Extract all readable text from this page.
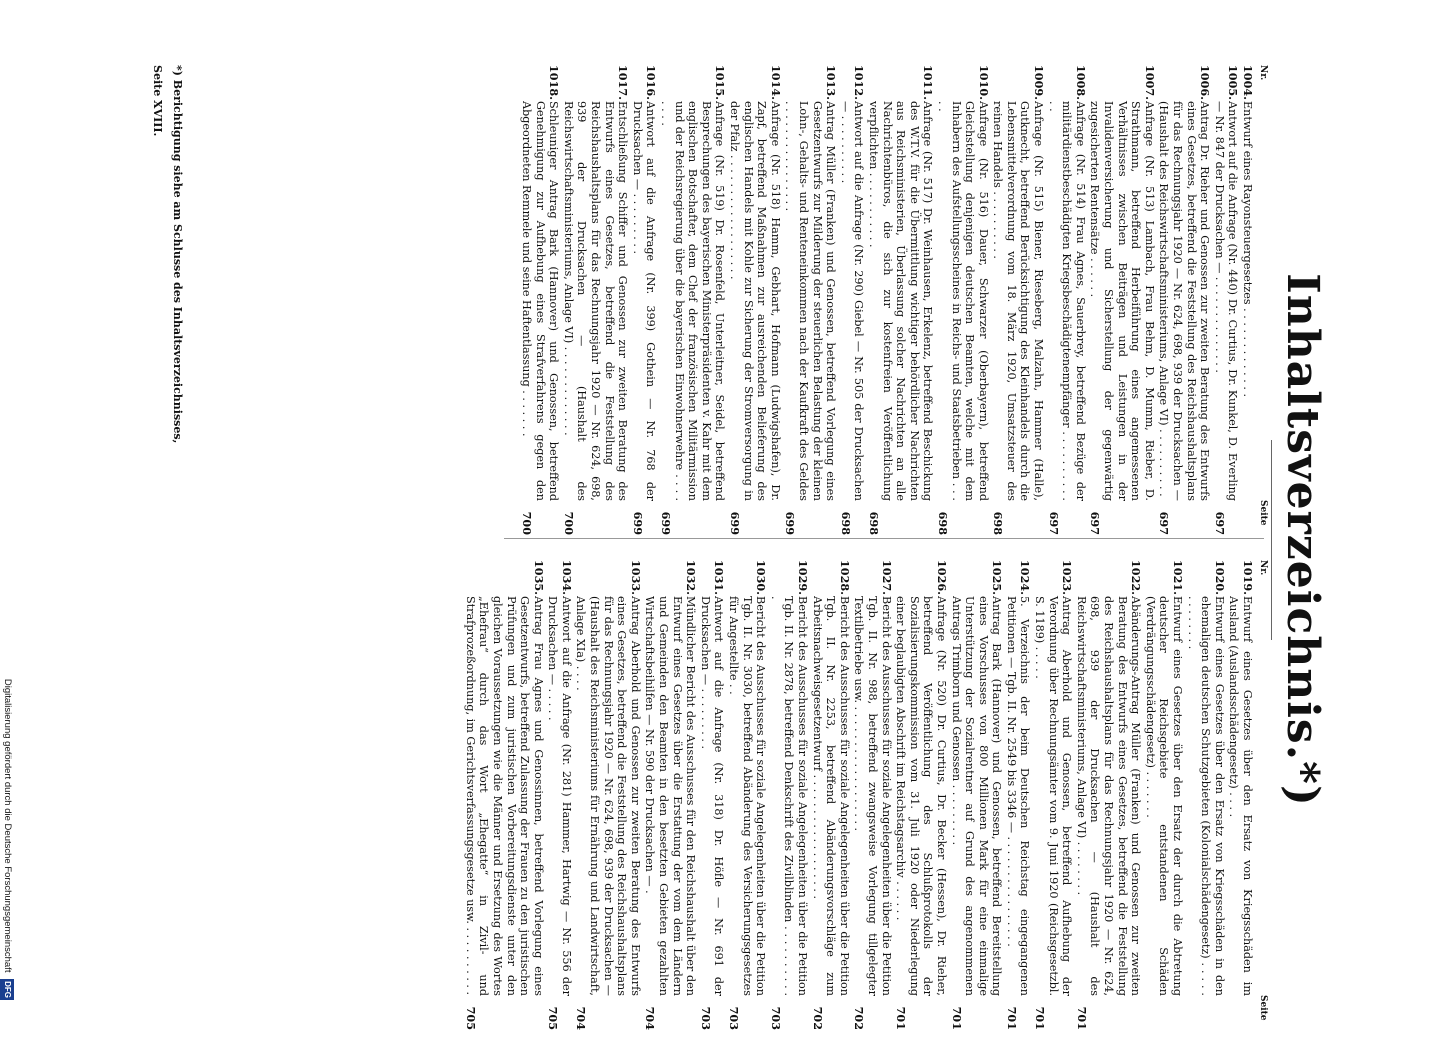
Inhaltsverzeichnis.*)
Nr.
Seite
Nr.
Seite
1004.
Entwurf eines Rayonsteuergesetzes . . . . . . . . . . . . .
1005.
Antwort auf die Anfrage (Nr. 440) Dr. Curtius, Dr. Kunkel, D. Everling — Nr. 847 der Drucksachen — . . . . . . . . . . . . . .
697
1006.
Antrag Dr. Rieher und Genossen zur zweiten Beratung des Entwurfs eines Gesetzes, betreffend die Feststellung des Reichshaushaltsplans für das Rechnungsjahr 1920 — Nr. 624, 698, 939 der Drucksachen — (Haushalt des Reichswirtschaftsministeriums, Anlage VI) . . . . . . . . . .
697
1007.
Anfrage (Nr. 513) Lambach, Frau Behm, D. Mumm, Rieber, D. Strathmann, betreffend Herbeiführung eines angemessenen Verhältnisses zwischen Beiträgen und Leistungen in der Invalidenversicherung und Sicherstellung der gegenwärtig zugesicherten Rentensätze . . . . . .
697
1008.
Anfrage (Nr. 514) Frau Agnes, Sauerbrey, betreffend Bezüge der militärdienstbeschädigten Kriegsbeschädigtenempfänger . . . . . . . . . . . .
697
1009.
Anfrage (Nr. 515) Biener, Rieseberg, Malzahn, Hammer (Halle), Gutknecht, betreffend Berücksichtigung des Kleinhandels durch die Lebensmittelverordnung vom 18. März 1920, Umsatzsteuer des reinen Handels . . . . . . . . . .
698
1010.
Anfrage (Nr. 516) Dauer, Schwarzer (Oberbayern), betreffend Gleichstellung denjenigen deutschen Beamten, welche mit dem Inhabern des Aufstellungsscheines in Reichs- und Staatsbetrieben . . . . .
698
1011.
Anfrage (Nr. 517) Dr. Weinhausen, Erkelenz, betreffend Beschickung des W.T.V. für die Übermittlung wichtiger behördlicher Nachrichten aus Reichsministerien, Überlassung solcher Nachrichten an alle Nachrichtenbüros, die sich zur kostenfreien Veröffentlichung verpflichten . . . . . . . . . . .
698
1012.
Antwort auf die Anfrage (Nr. 290) Giebel — Nr. 505 der Drucksachen — . . . . . . . . . .
698
1013.
Antrag Müller (Franken) und Genossen, betreffend Vorlegung eines Gesetzentwurfs zur Milderung der steuerlichen Belastung der kleinen Lohn-, Gehalts- und Renteneinkommen nach der Kaufkraft des Geldes . . . . . . . . . . . . . . . .
699
1014.
Anfrage (Nr. 518) Hamm, Gebhart, Hofmann (Ludwigshafen), Dr. Zapf, betreffend Maßnahmen zur ausreichenden Belieferung des englischen Handels mit Kohle zur Sicherung der Stromversorgung in der Pfalz . . . . . . . . . . . . . . . . . .
699
1015.
Anfrage (Nr. 519) Dr. Rosenfeld, Unterleitner, Seidel, betreffend Besprechungen des bayerischen Ministerpräsidenten v. Kahr mit dem englischen Botschafter, dem Chef der französischen Militärmission und der Reichsregierung über die bayerischen Einwohnerwehre . . . . . . . .
699
1016.
Antwort auf die Anfrage (Nr. 399) Gothein — Nr. 768 der Drucksachen — . . . . . . . . .
699
1017.
Entschließung Schiffer und Genossen zur zweiten Beratung des Entwurfs eines Gesetzes, betreffend die Feststellung des Reichshaushaltsplans für das Rechnungsjahr 1920 — Nr. 624, 698, 939 der Drucksachen — (Haushalt des Reichswirtschaftsministeriums, Anlage VI) . . . . . . . . . . . . .
700
1018.
Schleuniger Antrag Bark (Hannover) und Genossen, betreffend Genehmigung zur Aufhebung eines Strafverfahrens gegen den Abgeordneten Remmele und seine Haftentlassung . . . . . . .
700
1019.
Entwurf eines Gesetzes über den Ersatz von Kriegsschäden im Ausland (Auslandsschädengesetz) . . . .
1020.
Entwurf eines Gesetzes über den Ersatz von Kriegsschäden in den ehemaligen deutschen Schutzgebieten (Kolonialschädengesetz) . . . . . . . . . . . . .
1021.
Entwurf eines Gesetzes über den Ersatz der durch die Abtretung deutscher Reichsgebiete entstandenen Schäden (Verdrängungsschädengesetz) . . . . . . .
1022.
Abänderungs-Antrag Müller (Franken) und Genossen zur zweiten Beratung des Entwurfs eines Gesetzes, betreffend die Feststellung des Reichshaushaltsplans für das Rechnungsjahr 1920 — Nr. 624, 698, 939 der Drucksachen — (Haushalt des Reichswirtschaftsministeriums, Anlage VI) . . . . . . . .
701
1023.
Antrag Aberhold und Genossen, betreffend Aufhebung der Verordnung über Rechnungsämter vom 9. Juni 1920 (Reichsgesetzbl. S. 1189) . . . . .
701
1024.
5. Verzeichnis der beim Deutschen Reichstag eingegangenen Petitionen — Tgb. II. Nr. 2549 bis 3346 — . . . . . . . . . . . . . . . .
701
1025.
Antrag Bark (Hannover) und Genossen, betreffend Bereitstellung eines Vorschusses von 800 Millionen Mark für eine einmalige Unterstützung der Sozialrentner auf Grund des angenommenen Antrags Trimborn und Genossen . . . . . . . . .
701
1026.
Anfrage (Nr. 520) Dr. Curtius, Dr. Becker (Hessen), Dr. Rieher, betreffend Veröffentlichung des Schlußprotokolls der Sozialisierungskommission vom 31. Juli 1920 oder Niederlegung einer beglaubigten Abschrift im Reichstagsarchiv . . . . . .
701
1027.
Bericht des Ausschusses für soziale Angelegenheiten über die Petition Tgb. II. Nr. 988, betreffend zwangsweise Vorlegung tillgelegter Textilbetriebe usw. . . . . . . . . . . . . . . . . . .
702
1028.
Bericht des Ausschusses für soziale Angelegenheiten über die Petition Tgb. II. Nr. 2253, betreffend Abänderungsvorschläge zum Arbeitsnachweisgesetzentwurf . . . . . . . . . . . . . . . . . .
702
1029.
Bericht des Ausschusses für soziale Angelegenheiten über die Petition Tgb. II. Nr. 2878, betreffend Denkschrift des Zivilblinden . . . . . . . . . . .
703
1030.
Bericht des Ausschusses für soziale Angelegenheiten über die Petition Tgb. II. Nr. 3030, betreffend Abänderung des Versicherungsgesetzes für Angestellte . .
703
1031.
Antwort auf die Anfrage (Nr. 318) Dr. Höfle — Nr. 691 der Drucksachen — . . . . . . . . .
703
1032.
Mündlicher Bericht des Ausschusses für den Reichshaushalt über den Entwurf eines Gesetzes über die Erstattung der vom dem Ländern und Gemeinden den Beamten in den besetzten Gebieten gezahlten Wirtschaftsbeihilfen — Nr. 590 der Drucksachen — .
704
1033.
Antrag Aberhold und Genossen zur zweiten Beratung des Entwurfs eines Gesetzes, betreffend die Feststellung des Reichshaushaltsplans für das Rechnungsjahr 1920 — Nr. 624, 698, 939 der Drucksachen — (Haushalt des Reichsministeriums für Ernährung und Landwirtschaft, Anlage XIa) . . . .
704
1034.
Antwort auf die Anfrage (Nr. 281) Hammer, Hartwig — Nr. 556 der Drucksachen — . . . . .
705
1035.
Antrag Frau Agnes und Genossinnen, betreffend Vorlegung eines Gesetzentwurfs, betreffend Zulassung der Frauen zu den juristischen Prüfungen und zum juristischen Vorbereitungsdienste unter den gleichen Voraussetzungen wie die Männer und Ersetzung des Wortes „Ehefrau“ durch das Wort „Ehegatte“ in Zivil- und Strafprozeßordnung, im Gerichtsverfassungsgesetze usw. . . . . . . . . . .
705
*) Berichtigung siehe am Schlusse des Inhaltsverzeichnisses,
Seite XVIII.
Digitalisierung gefördert durch die Deutsche Forschungsgemeinschaft DFG
